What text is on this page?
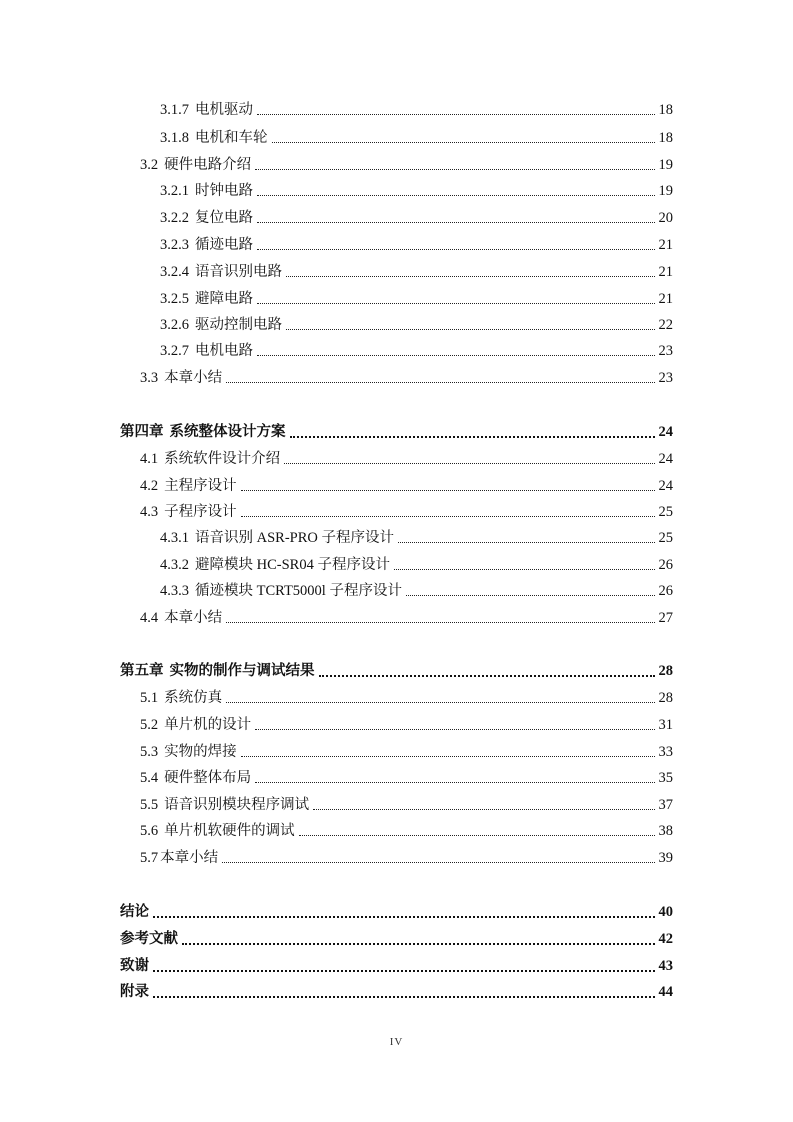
3.1.7 电机驱动	18
3.1.8 电机和车轮	18
3.2 硬件电路介绍	19
3.2.1 时钟电路	19
3.2.2 复位电路	20
3.2.3 循迹电路	21
3.2.4 语音识别电路	21
3.2.5 避障电路	21
3.2.6 驱动控制电路	22
3.2.7 电机电路	23
3.3 本章小结	23
第四章 系统整体设计方案	24
4.1 系统软件设计介绍	24
4.2 主程序设计	24
4.3 子程序设计	25
4.3.1 语音识别 ASR-PRO 子程序设计	25
4.3.2 避障模块 HC-SR04 子程序设计	26
4.3.3 循迹模块 TCRT5000l 子程序设计	26
4.4 本章小结	27
第五章 实物的制作与调试结果	28
5.1 系统仿真	28
5.2 单片机的设计	31
5.3 实物的焊接	33
5.4 硬件整体布局	35
5.5 语音识别模块程序调试	37
5.6 单片机软硬件的调试	38
5.7 本章小结	39
结论	40
参考文献	42
致谢	43
附录	44
IV
